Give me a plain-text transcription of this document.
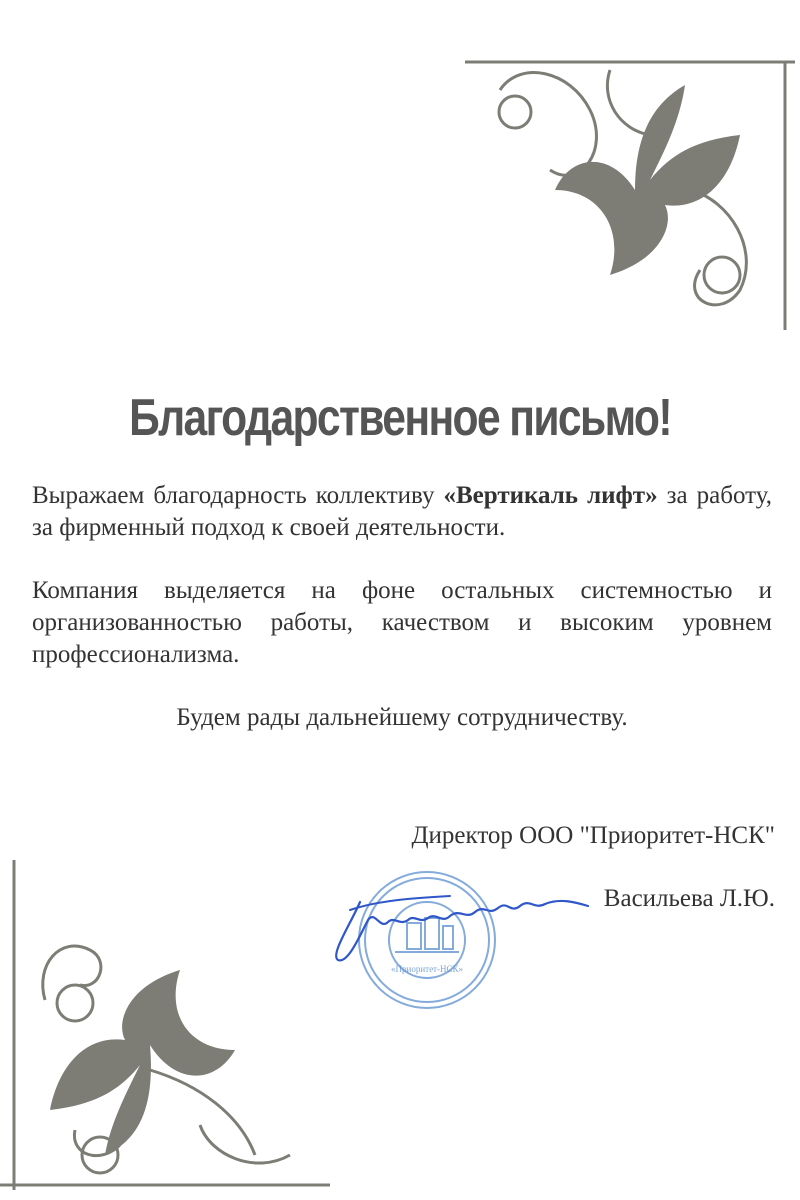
Благодарственное письмо!
Выражаем благодарность коллективу «Вертикаль лифт» за работу, за фирменный подход к своей деятельности.
Компания выделяется на фоне остальных системностью и организованностью работы, качеством и высоким уровнем профессионализма.
Будем рады дальнейшему сотрудничеству.
Директор ООО "Приоритет-НСК"
«Приоритет-НСК»
Васильева Л.Ю.
